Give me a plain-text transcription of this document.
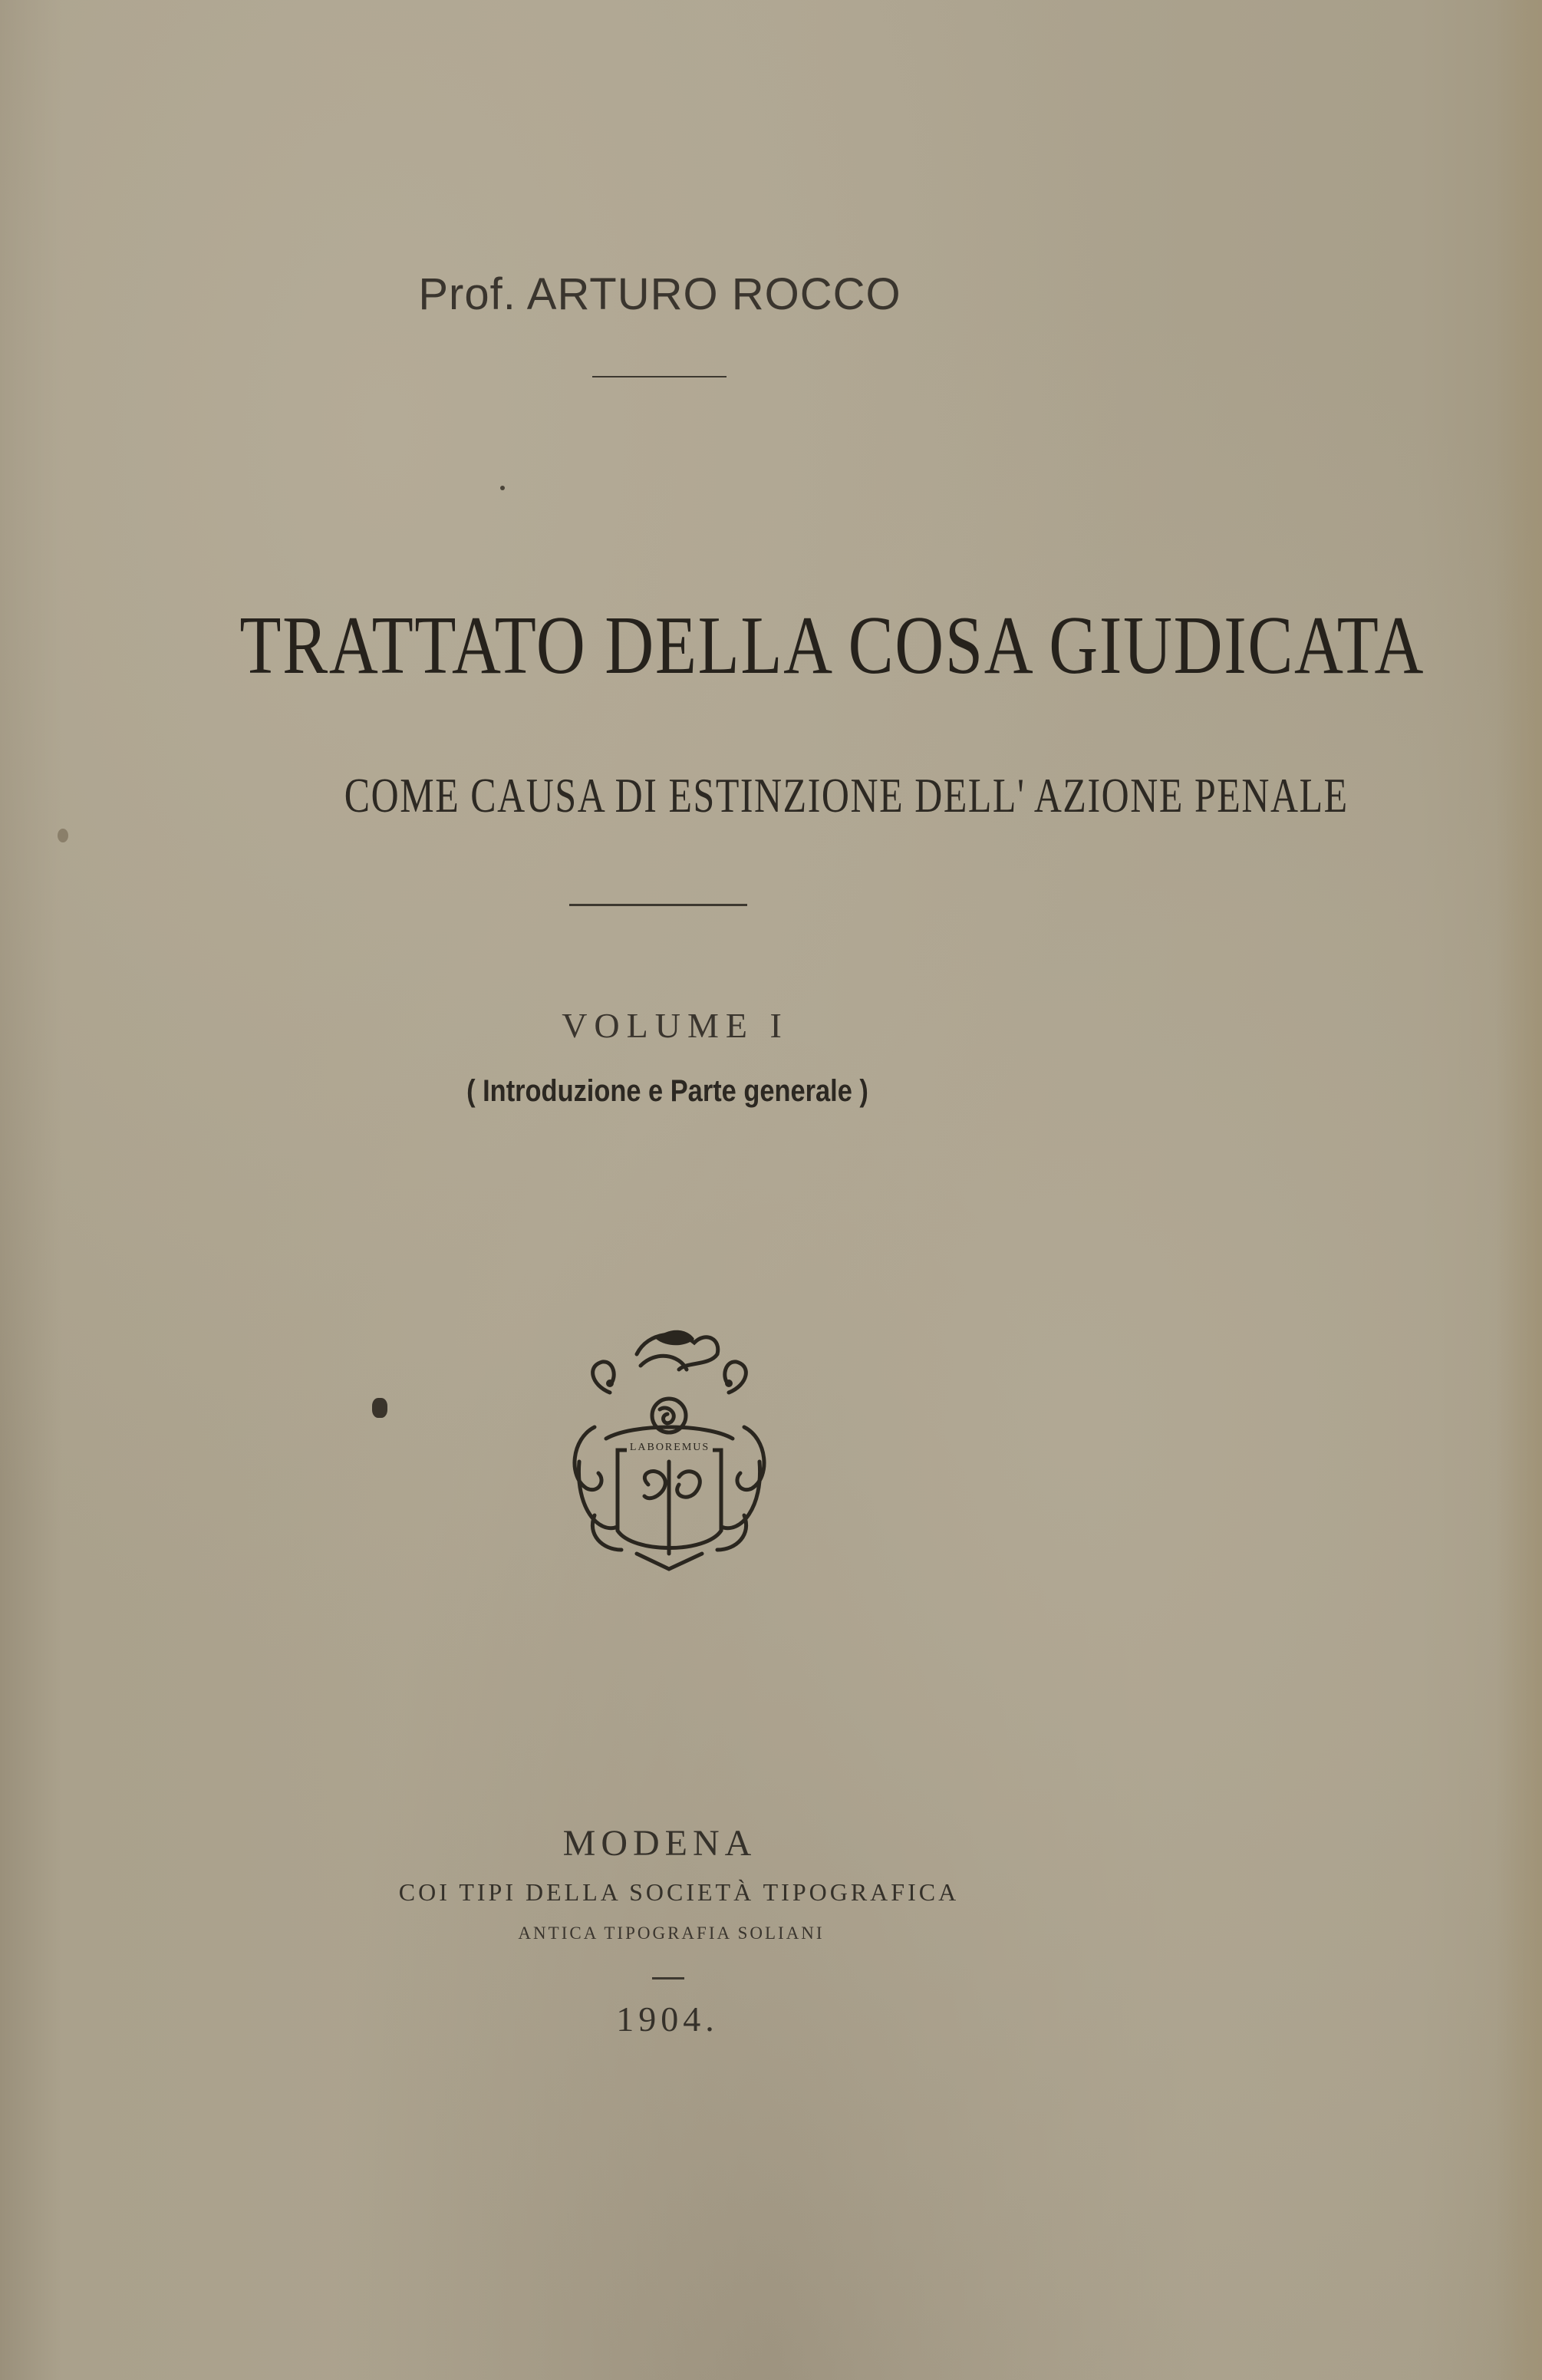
Prof. ARTURO ROCCO
TRATTATO DELLA COSA GIUDICATA
COME CAUSA DI ESTINZIONE DELL' AZIONE PENALE
VOLUME I
( Introduzione e Parte generale )
LABOREMUS
MODENA
COI TIPI DELLA SOCIETÀ TIPOGRAFICA
ANTICA TIPOGRAFIA SOLIANI
1904.
